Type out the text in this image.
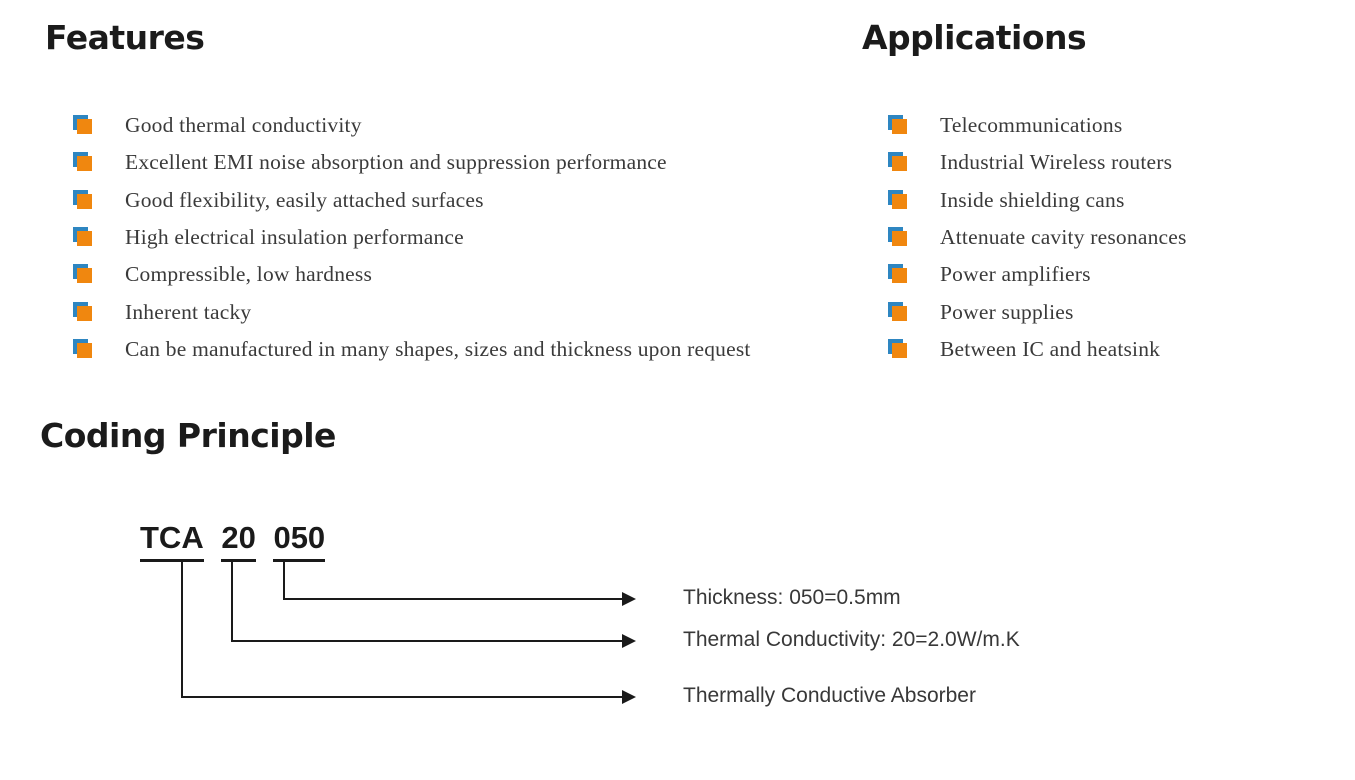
Features	Applications
Good thermal conductivity
Excellent EMI noise absorption and suppression performance
Good flexibility, easily attached surfaces
High electrical insulation performance
Compressible, low hardness
Inherent tacky
Can be manufactured in many shapes, sizes and thickness upon request
Telecommunications
Industrial Wireless routers
Inside shielding cans
Attenuate cavity resonances
Power amplifiers
Power supplies
Between IC and heatsink
Coding Principle
TCA 20 050
Thickness: 050=0.5mm
Thermal Conductivity: 20=2.0W/m.K
Thermally Conductive Absorber
